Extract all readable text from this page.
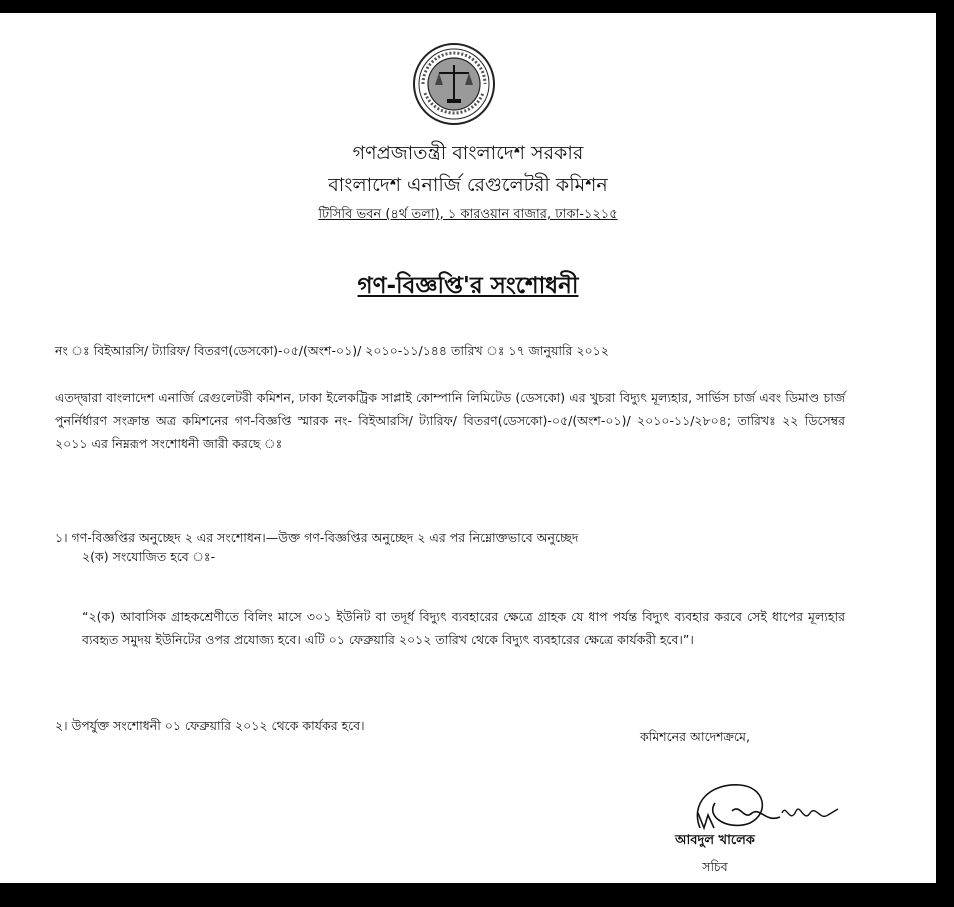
গণপ্রজাতন্ত্রী বাংলাদেশ সরকার
বাংলাদেশ এনার্জি রেগুলেটরী কমিশন
টিসিবি ভবন (৪র্থ তলা), ১ কারওয়ান বাজার, ঢাকা-১২১৫
গণ-বিজ্ঞপ্তি'র সংশোধনী
নং ঃ বিইআরসি/ ট্যারিফ/ বিতরণ(ডেসকো)-০৫/(অংশ-০১)/ ২০১০-১১/১৪৪ তারিখ ঃ ১৭ জানুয়ারি ২০১২
এতদ্দ্বারা বাংলাদেশ এনার্জি রেগুলেটরী কমিশন, ঢাকা ইলেকট্রিক সাপ্লাই কোম্পানি লিমিটেড (ডেসকো) এর খুচরা বিদ্যুৎ মূল্যহার, সার্ভিস চার্জ এবং ডিমাণ্ড চার্জ পুনর্নির্ধারণ সংক্রান্ত অত্র কমিশনের গণ-বিজ্ঞপ্তি স্মারক নং- বিইআরসি/ ট্যারিফ/ বিতরণ(ডেসকো)-০৫/(অংশ-০১)/ ২০১০-১১/২৮০৪; তারিখঃ ২২ ডিসেম্বর ২০১১ এর নিম্নরূপ সংশোধনী জারী করছে ঃ
১। গণ-বিজ্ঞপ্তির অনুচ্ছেদ ২ এর সংশোধন।—উক্ত গণ-বিজ্ঞপ্তির অনুচ্ছেদ ২ এর পর নিম্নোক্তভাবে অনুচ্ছেদ
২(ক) সংযোজিত হবে ঃ-
“২(ক) আবাসিক গ্রাহকশ্রেণীতে বিলিং মাসে ৩০১ ইউনিট বা তদূর্ধ বিদ্যুৎ ব্যবহারের ক্ষেত্রে গ্রাহক যে ধাপ পর্যন্ত বিদ্যুৎ ব্যবহার করবে সেই ধাপের মূল্যহার ব্যবহৃত সমুদয় ইউনিটের ওপর প্রযোজ্য হবে। এটি ০১ ফেব্রুয়ারি ২০১২ তারিখ থেকে বিদ্যুৎ ব্যবহারের ক্ষেত্রে কার্যকরী হবে।”।
২। উপর্যুক্ত সংশোধনী ০১ ফেব্রুয়ারি ২০১২ থেকে কার্যকর হবে।
কমিশনের আদেশক্রমে,
আবদুল খালেক
সচিব
